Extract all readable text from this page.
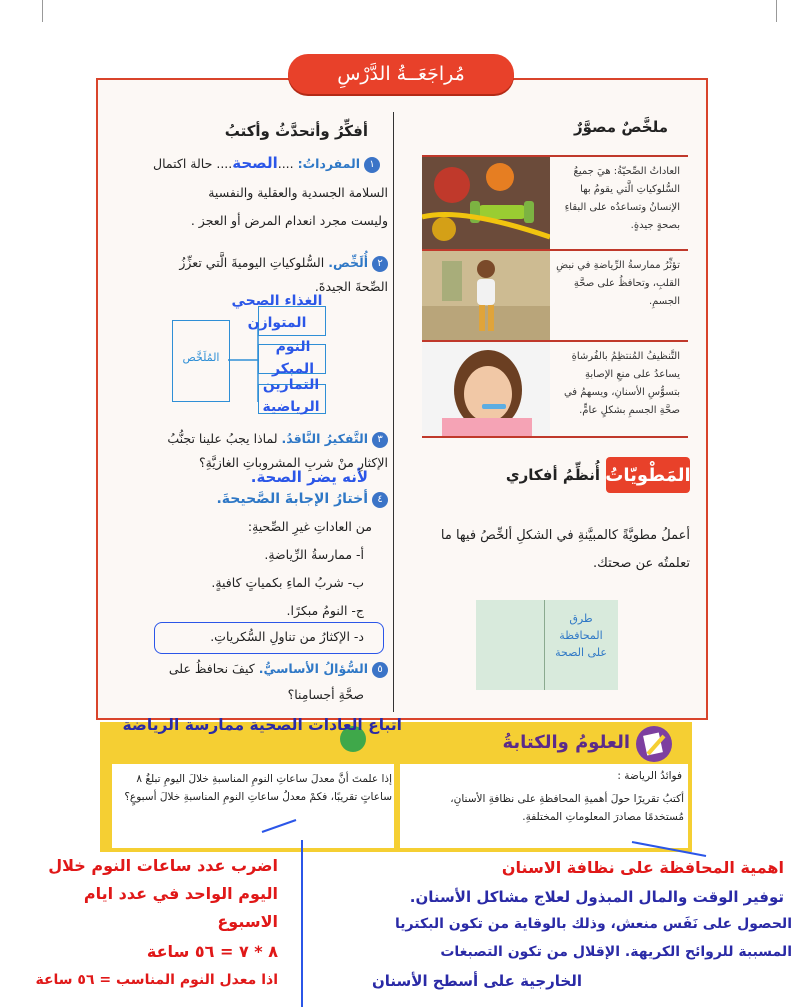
مُراجَعَــةُ الدَّرْسِ
ملخَّصٌ مصوَّرٌ
العاداتُ الصِّحيّةُ: هيَ جميعُ السُّلوكياتِ الَّتي يقومُ بها الإنسانُ وتساعدُه على البقاءِ بصحةٍ جيدةٍ.
تؤثِّرُ ممارسةُ الرِّياضةِ في نبضِ القلبِ، وتحافظُ على صحَّةِ الجسمِ.
التَّنظيفُ المُنتظِمُ بالفُرشاةِ يساعدُ على منعِ الإصابةِ بتسوُّسِ الأسنانِ، ويسهمُ في صحَّةِ الجسمِ بشكلٍ عامٍّ.
المَطْويّاتُ
أُنظِّمُ أفكاري
أعملُ مطويَّةً كالمبيَّنةِ في الشكلِ ألخِّصُ فيها ما تعلمتُه عن صحتك.
طرق المحافظة على الصحة
أفكِّرُ وأتحدَّثُ وأكتبُ
١المفرداتُ: ....الصحة.... حالة اكتمال
السلامة الجسدية والعقلية والنفسية
وليست مجرد انعدام المرض أو العجز .
٢أُلَخِّص. السُّلوكياتِ اليوميةَ الَّتي تعزِّزُ
الصِّحةَ الجيدةَ.
المُلَخَّص
الغذاء الصحي المتوازن
النوم المبكر
التمارين الرياضية
٣التَّفكيرُ النَّاقدُ. لماذا يجبُ علينا تجنُّبُ
الإكثارِ منْ شربِ المشروباتِ الغازيَّةِ؟
لأنه يضر الصحة.
٤أختارُ الإجابةَ الصَّحيحةَ.
من العاداتِ غيرِ الصِّحيةِ:
أ- ممارسةُ الرِّياضةِ.
ب- شربُ الماءِ بكمياتٍ كافيةٍ.
ج- النومُ مبكرًا.
د- الإكثارُ من تناولِ السُّكرياتِ.
٥السُّؤالُ الأساسيُّ. كيفَ نحافظُ على
صحَّةِ أجسامِنا؟
العلومُ والكتابةُ
اتباع العادات الصحية ممارسة الرياضة
فوائدُ الرياضة :
أكتبُ تقريرًا حولَ أهميةِ المحافظةِ على نظافةِ الأسنانِ، مُستخدمًا مصادرَ المعلوماتِ المختلفةِ.
إذا علمتَ أنَّ معدلَ ساعاتِ النومِ المناسبةِ خلالَ اليومِ تبلغُ ٨ ساعاتٍ تقريبًا، فكمْ معدلُ ساعاتِ النومِ المناسبةِ خلالَ أسبوعٍ؟
اضرب عدد ساعات النوم خلال
اليوم الواحد في عدد ايام
الاسبوع
٨ * ٧ = ٥٦ ساعة
اذا معدل النوم المناسب = ٥٦ ساعة
اهمية المحافظة على نظافة الاسنان
توفير الوقت والمال المبذول لعلاج مشاكل الأسنان.
الحصول على نَفَس منعش، وذلك بالوقاية من تكون البكتريا
المسببة للروائح الكريهة. الإقلال من تكون التصبغات
الخارجية على أسطح الأسنان
